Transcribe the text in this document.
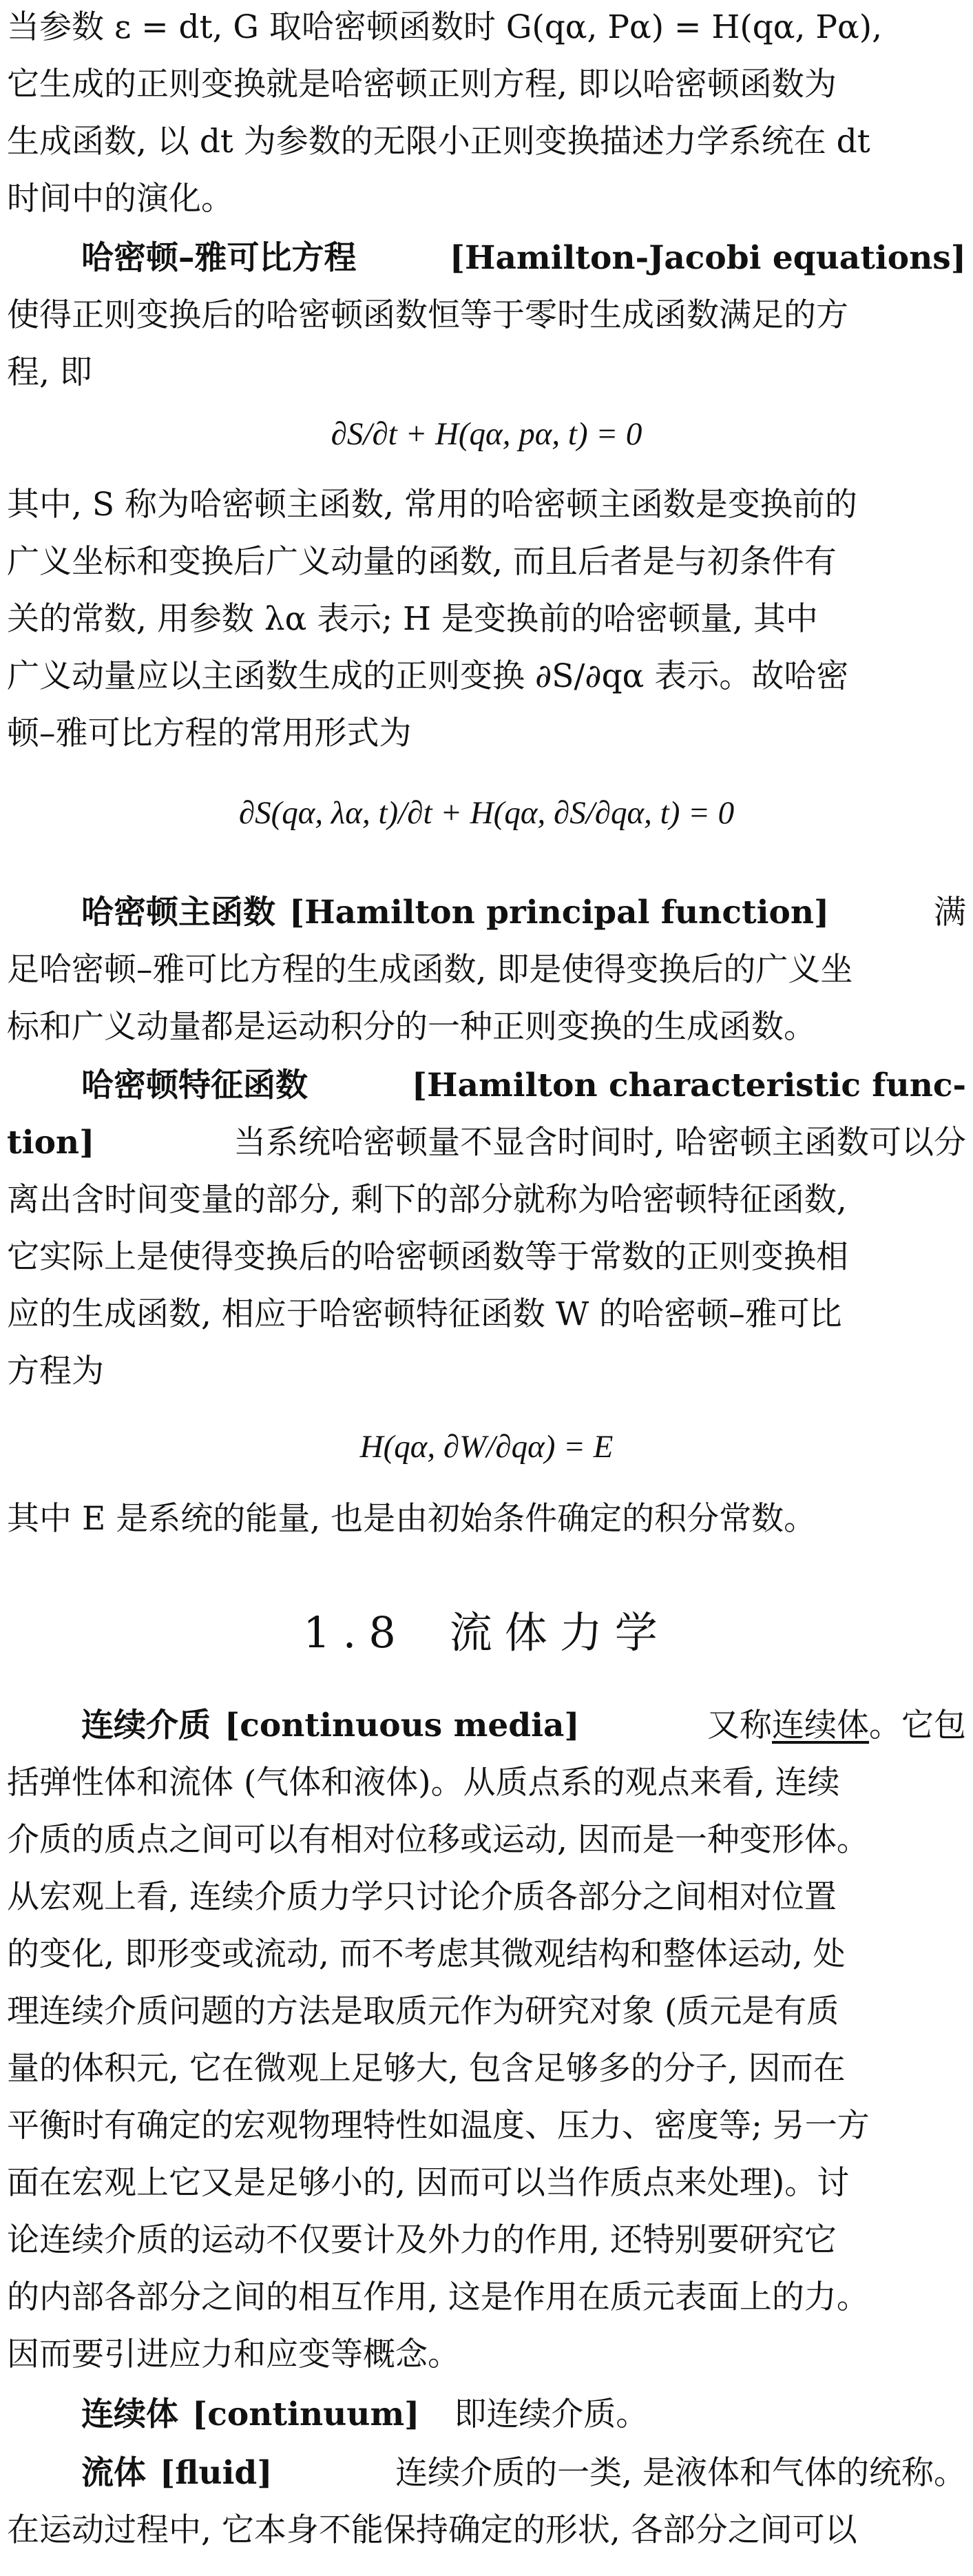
当参数 ε = dt, G 取哈密顿函数时 G(qα, Pα) = H(qα, Pα),
它生成的正则变换就是哈密顿正则方程, 即以哈密顿函数为
生成函数, 以 dt 为参数的无限小正则变换描述力学系统在 dt
时间中的演化。
哈密顿–雅可比方程	[Hamilton-Jacobi equations]
使得正则变换后的哈密顿函数恒等于零时生成函数满足的方
程, 即
∂S/∂t + H(qα, pα, t) = 0
其中, S 称为哈密顿主函数, 常用的哈密顿主函数是变换前的
广义坐标和变换后广义动量的函数, 而且后者是与初条件有
关的常数, 用参数 λα 表示; H 是变换前的哈密顿量, 其中
广义动量应以主函数生成的正则变换 ∂S/∂qα 表示。故哈密
顿–雅可比方程的常用形式为
∂S(qα, λα, t)/∂t + H(qα, ∂S/∂qα, t) = 0
哈密顿主函数 [Hamilton principal function]	满
足哈密顿–雅可比方程的生成函数, 即是使得变换后的广义坐
标和广义动量都是运动积分的一种正则变换的生成函数。
哈密顿特征函数	[Hamilton characteristic func-
tion]	当系统哈密顿量不显含时间时, 哈密顿主函数可以分
离出含时间变量的部分, 剩下的部分就称为哈密顿特征函数,
它实际上是使得变换后的哈密顿函数等于常数的正则变换相
应的生成函数, 相应于哈密顿特征函数 W 的哈密顿–雅可比
方程为
H(qα, ∂W/∂qα) = E
其中 E 是系统的能量, 也是由初始条件确定的积分常数。
1.8 流体力学
连续介质 [continuous media]	又称连续体。它包
括弹性体和流体 (气体和液体)。从质点系的观点来看, 连续
介质的质点之间可以有相对位移或运动, 因而是一种变形体。
从宏观上看, 连续介质力学只讨论介质各部分之间相对位置
的变化, 即形变或流动, 而不考虑其微观结构和整体运动, 处
理连续介质问题的方法是取质元作为研究对象 (质元是有质
量的体积元, 它在微观上足够大, 包含足够多的分子, 因而在
平衡时有确定的宏观物理特性如温度、压力、密度等; 另一方
面在宏观上它又是足够小的, 因而可以当作质点来处理)。讨
论连续介质的运动不仅要计及外力的作用, 还特别要研究它
的内部各部分之间的相互作用, 这是作用在质元表面上的力。
因而要引进应力和应变等概念。
连续体 [continuum] 即连续介质。
流体 [fluid]	连续介质的一类, 是液体和气体的统称。
在运动过程中, 它本身不能保持确定的形状, 各部分之间可以
